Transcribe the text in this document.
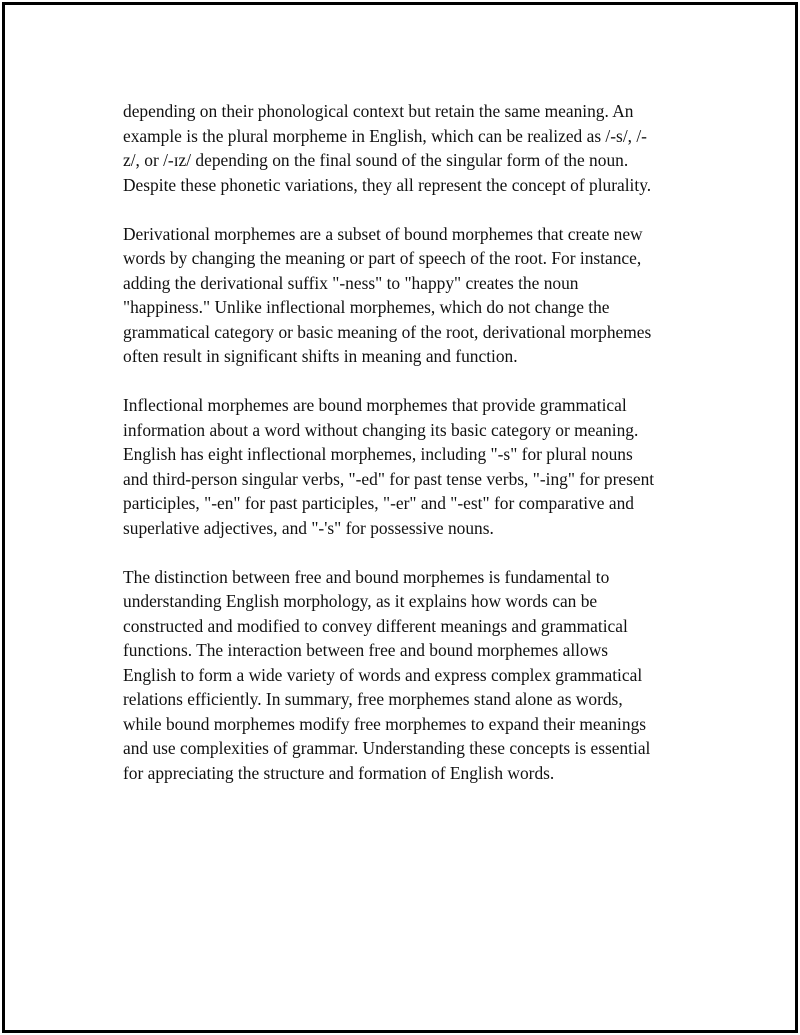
depending on their phonological context but retain the same meaning. An
example is the plural morpheme in English, which can be realized as /-s/, /-
z/, or /-ɪz/ depending on the final sound of the singular form of the noun.
Despite these phonetic variations, they all represent the concept of plurality.

Derivational morphemes are a subset of bound morphemes that create new
words by changing the meaning or part of speech of the root. For instance,
adding the derivational suffix "-ness" to "happy" creates the noun
"happiness." Unlike inflectional morphemes, which do not change the
grammatical category or basic meaning of the root, derivational morphemes
often result in significant shifts in meaning and function.

Inflectional morphemes are bound morphemes that provide grammatical
information about a word without changing its basic category or meaning.
English has eight inflectional morphemes, including "-s" for plural nouns
and third-person singular verbs, "-ed" for past tense verbs, "-ing" for present
participles, "-en" for past participles, "-er" and "-est" for comparative and
superlative adjectives, and "-'s" for possessive nouns.

The distinction between free and bound morphemes is fundamental to
understanding English morphology, as it explains how words can be
constructed and modified to convey different meanings and grammatical
functions. The interaction between free and bound morphemes allows
English to form a wide variety of words and express complex grammatical
relations efficiently. In summary, free morphemes stand alone as words,
while bound morphemes modify free morphemes to expand their meanings
and use complexities of grammar. Understanding these concepts is essential
for appreciating the structure and formation of English words.
